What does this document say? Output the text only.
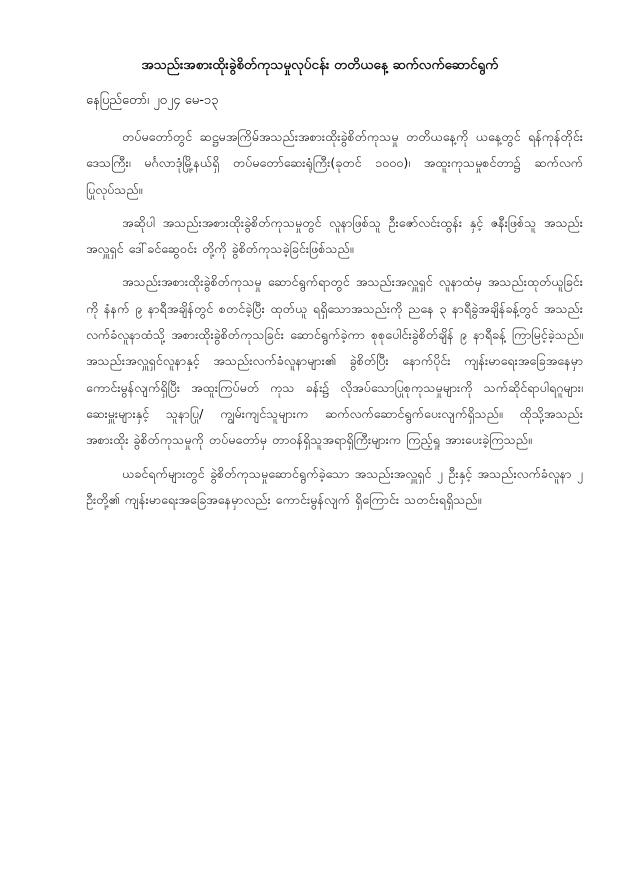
အသည်းအစားထိုးခွဲစိတ်ကုသမှုလုပ်ငန်း တတိယနေ့ ဆက်လက်ဆောင်ရွက်
နေပြည်တော်၊ ၂၀၂၄ မေ-၁၃

တပ်မတော်တွင် ဆဋ္ဌမအကြိမ်အသည်းအစားထိုးခွဲစိတ်ကုသမှု တတိယနေ့ကို ယနေ့တွင် ရန်ကုန်တိုင်းဒေသကြီး၊ မင်္ဂလာဒုံမြို့နယ်ရှိ တပ်မတော်ဆေးရုံကြီး(ခုတင် ၁၀၀၀)၊ အထူးကုသမှုစင်တာ၌ ဆက်လက်ပြုလုပ်သည်။

အဆိုပါ အသည်းအစားထိုးခွဲစိတ်ကုသမှုတွင် လူနာဖြစ်သူ ဦးဇော်လင်းထွန်း နှင့် ဇနီးဖြစ်သူ အသည်းအလှူရှင် ဒေါ်ခင်ဆွေဝင်း တို့ကို ခွဲစိတ်ကုသခဲ့ခြင်းဖြစ်သည်။

အသည်းအစားထိုးခွဲစိတ်ကုသမှု ဆောင်ရွက်ရာတွင် အသည်းအလှူရှင် လူနာထံမှ အသည်းထုတ်ယူခြင်းကို နံနက် ၉ နာရီအချိန်တွင် စတင်ခဲ့ပြီး ထုတ်ယူ ရရှိသောအသည်းကို ညနေ ၃ နာရီခွဲအချိန်ခန့်တွင် အသည်းလက်ခံလူနာထံသို့ အစားထိုးခွဲစိတ်ကုသခြင်း ဆောင်ရွက်ခဲ့ကာ စုစုပေါင်းခွဲစိတ်ချိန် ၉ နာရီခန့် ကြာမြင့်ခဲ့သည်။ အသည်းအလှူရှင်လူနာနှင့် အသည်းလက်ခံလူနာများ၏ ခွဲစိတ်ပြီး နောက်ပိုင်း ကျန်းမာရေးအခြေအနေမှာ ကောင်းမွန်လျက်ရှိပြီး အထူးကြပ်မတ် ကုသ ခန်း၌ လိုအပ်သောပြုစုကုသမှုများကို သက်ဆိုင်ရာပါရဂူများ၊ ဆေးမှူးများနှင့် သူနာပြု/ ကျွမ်းကျင်သူများက ဆက်လက်ဆောင်ရွက်ပေးလျက်ရှိသည်။ ထိုသို့အသည်း အစားထိုး ခွဲစိတ်ကုသမှုကို တပ်မတော်မှ တာဝန်ရှိသူအရာရှိကြီးများက ကြည့်ရှု အားပေးခဲ့ကြသည်။

ယခင်ရက်များတွင် ခွဲစိတ်ကုသမှုဆောင်ရွက်ခဲ့သော အသည်းအလှူရှင် ၂ ဦးနှင့် အသည်းလက်ခံလူနာ ၂ ဦးတို့၏ ကျန်းမာရေးအခြေအနေမှာလည်း ကောင်းမွန်လျက် ရှိကြောင်း သတင်းရရှိသည်။
